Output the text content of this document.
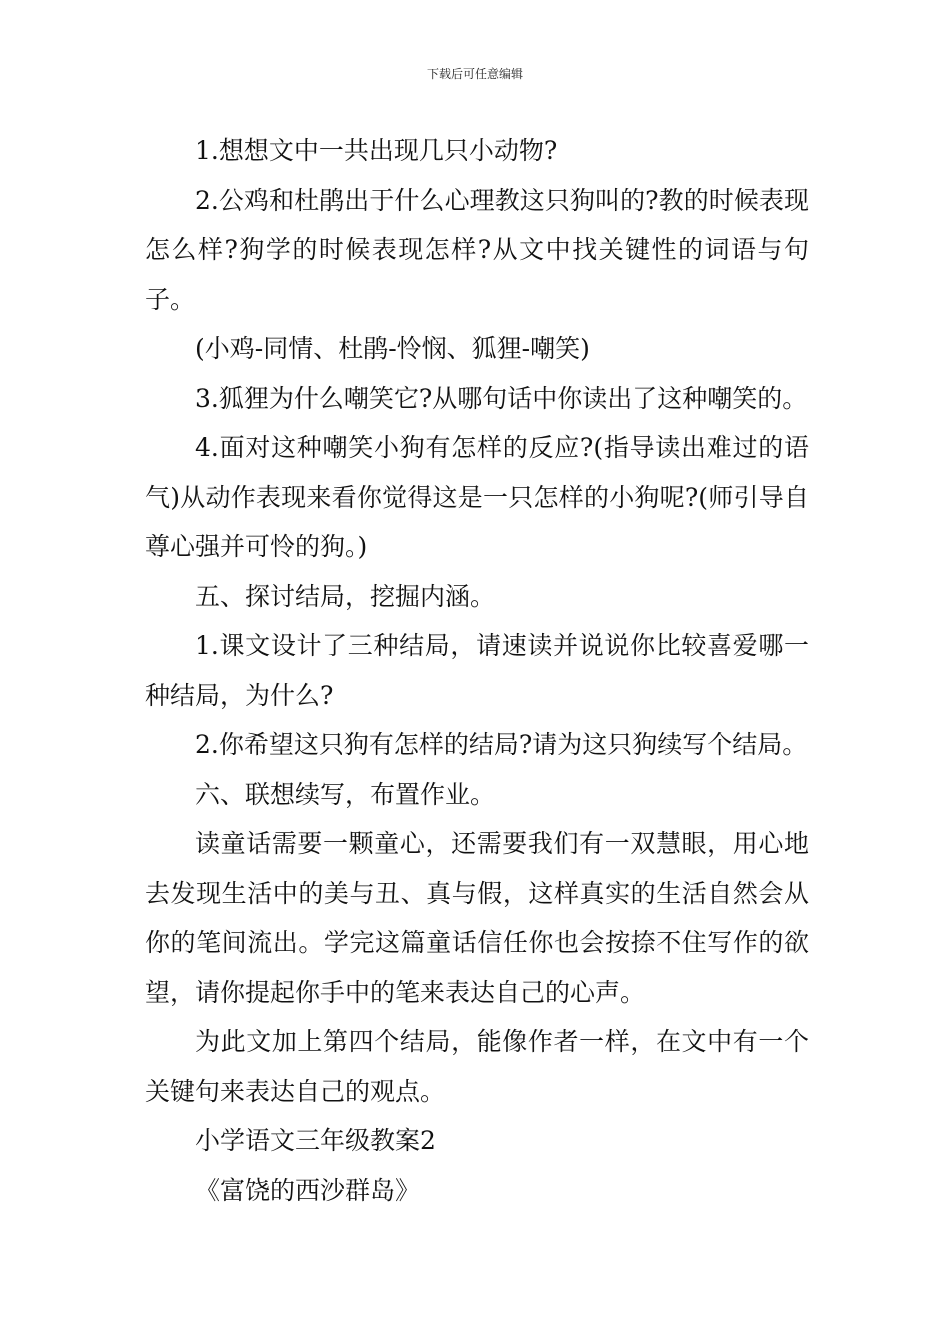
下载后可任意编辑

1.想想文中一共出现几只小动物?

2.公鸡和杜鹃出于什么心理教这只狗叫的?教的时候表现怎么样?狗学的时候表现怎样?从文中找关键性的词语与句子。

(小鸡-同情、杜鹃-怜悯、狐狸-嘲笑)

3.狐狸为什么嘲笑它?从哪句话中你读出了这种嘲笑的。

4.面对这种嘲笑小狗有怎样的反应?(指导读出难过的语气)从动作表现来看你觉得这是一只怎样的小狗呢?(师引导自尊心强并可怜的狗。)

五、探讨结局，挖掘内涵。

1.课文设计了三种结局，请速读并说说你比较喜爱哪一种结局，为什么?

2.你希望这只狗有怎样的结局?请为这只狗续写个结局。

六、联想续写，布置作业。

读童话需要一颗童心，还需要我们有一双慧眼，用心地去发现生活中的美与丑、真与假，这样真实的生活自然会从你的笔间流出。学完这篇童话信任你也会按捺不住写作的欲望，请你提起你手中的笔来表达自己的心声。

为此文加上第四个结局，能像作者一样，在文中有一个关键句来表达自己的观点。

小学语文三年级教案2

《富饶的西沙群岛》
